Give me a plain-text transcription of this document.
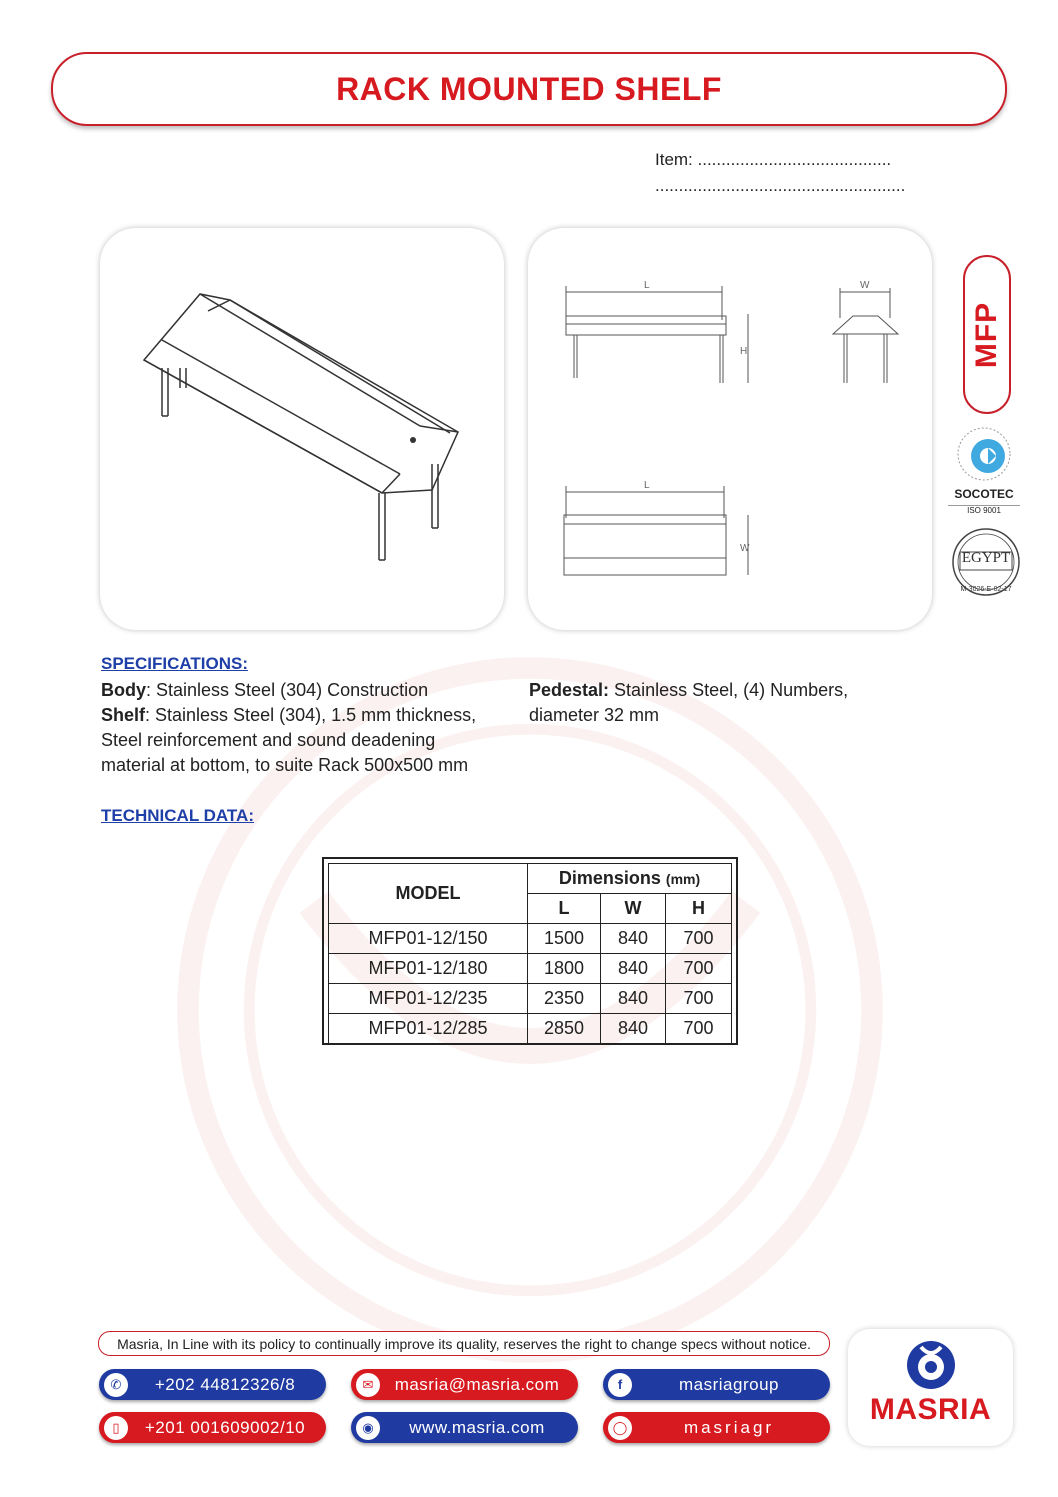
RACK MOUNTED SHELF
Item: .........................................
.....................................................
L	W
H
L
W
MFP
SOCOTEC
ISO 9001
EGYPT
M-3026-E-02-17
SPECIFICATIONS:
Body: Stainless Steel (304) Construction
Shelf: Stainless Steel (304), 1.5 mm thickness,
Steel reinforcement and sound deadening
material at bottom, to suite Rack 500x500 mm
Pedestal: Stainless Steel, (4) Numbers,
diameter 32 mm
TECHNICAL DATA:
MODEL	Dimensions (mm)		
	L	W	H
MFP01-12/150	1500	840	700
MFP01-12/180	1800	840	700
MFP01-12/235	2350	840	700
MFP01-12/285	2850	840	700
Masria, In Line with its policy to continually improve its quality, reserves the right to change specs without notice.
✆	+202 44812326/8
▯	+201 001609002/10
✉	masria@masria.com
◉	www.masria.com
f	masriagroup
◯	masriagr
MASRIA
